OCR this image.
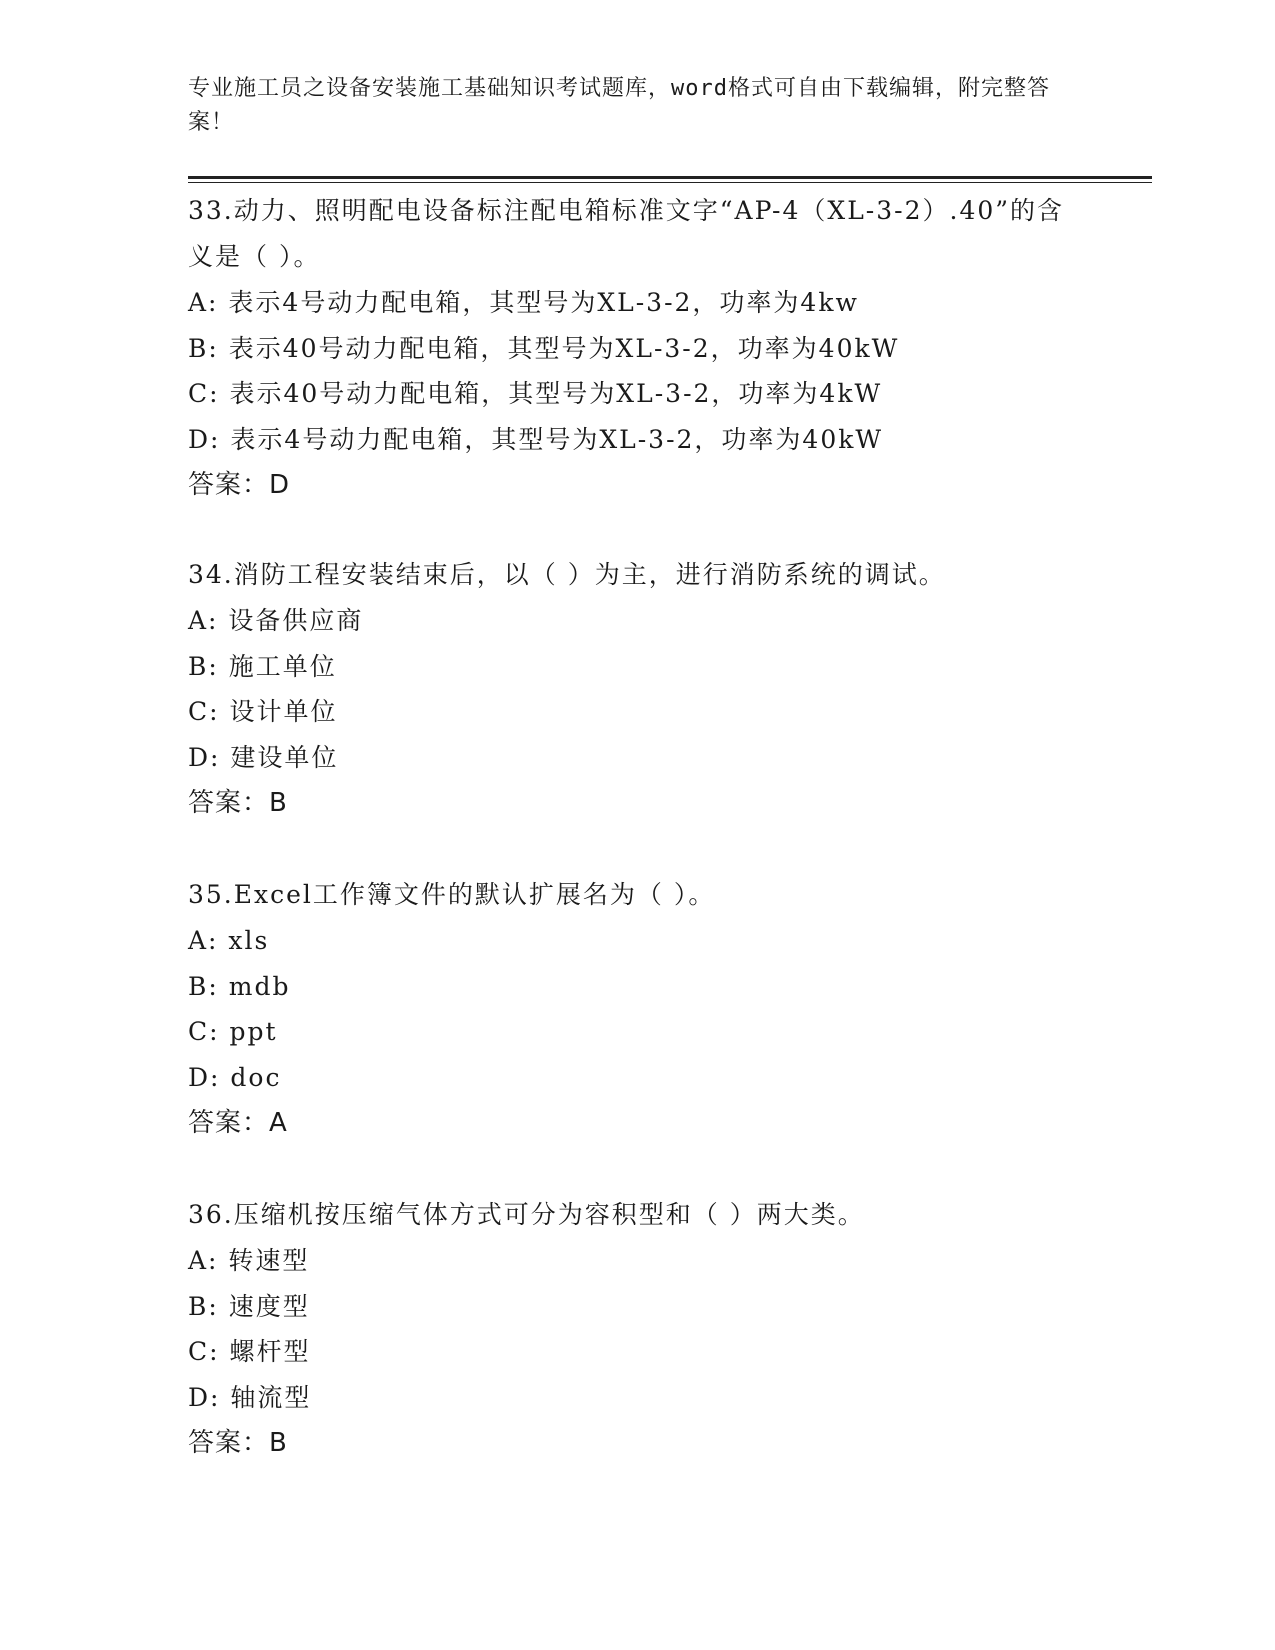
专业施工员之设备安装施工基础知识考试题库，word格式可自由下载编辑，附完整答案！
33.动力、照明配电设备标注配电箱标准文字“AP-4（XL-3-2）.40”的含义是（ ）。
A: 表示4号动力配电箱，其型号为XL-3-2，功率为4kw
B: 表示40号动力配电箱，其型号为XL-3-2，功率为40kW
C: 表示40号动力配电箱，其型号为XL-3-2，功率为4kW
D: 表示4号动力配电箱，其型号为XL-3-2，功率为40kW
答案：D
34.消防工程安装结束后，以（ ）为主，进行消防系统的调试。
A: 设备供应商
B: 施工单位
C: 设计单位
D: 建设单位
答案：B
35.Excel工作簿文件的默认扩展名为（ ）。
A: xls
B: mdb
C: ppt
D: doc
答案：A
36.压缩机按压缩气体方式可分为容积型和（ ）两大类。
A: 转速型
B: 速度型
C: 螺杆型
D: 轴流型
答案：B
